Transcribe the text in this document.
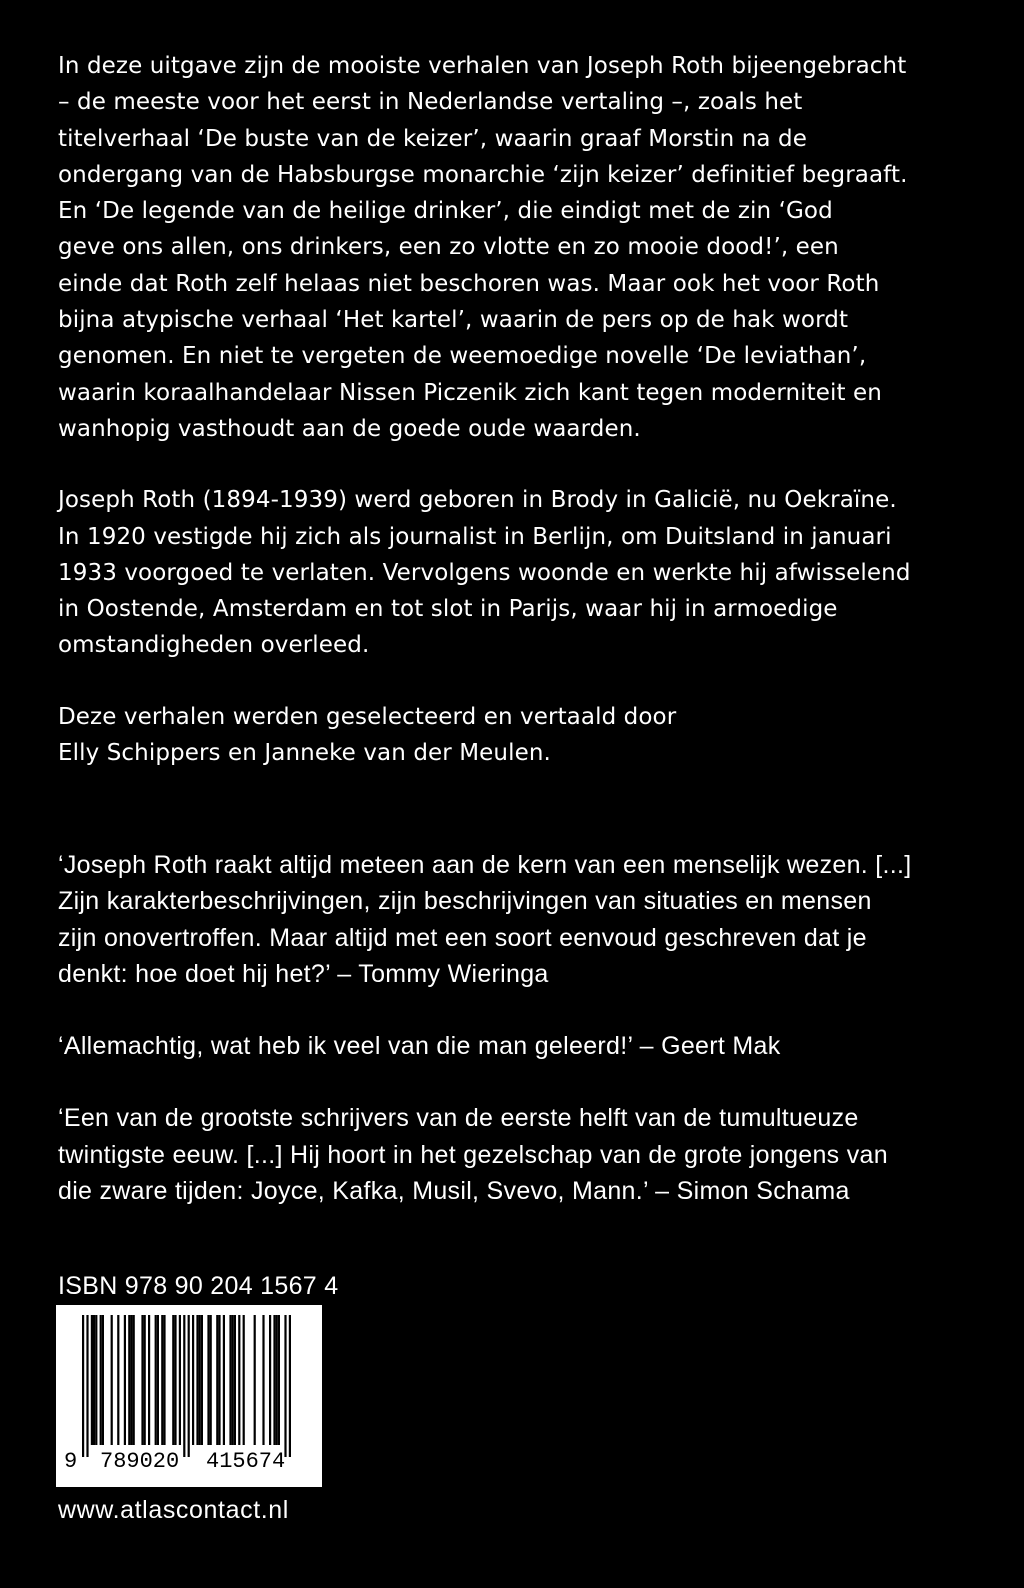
In deze uitgave zijn de mooiste verhalen van Joseph Roth bijeengebracht
– de meeste voor het eerst in Nederlandse vertaling –, zoals het
titelverhaal ‘De buste van de keizer’, waarin graaf Morstin na de
ondergang van de Habsburgse monarchie ‘zijn keizer’ definitief begraaft.
En ‘De legende van de heilige drinker’, die eindigt met de zin ‘God
geve ons allen, ons drinkers, een zo vlotte en zo mooie dood!’, een
einde dat Roth zelf helaas niet beschoren was. Maar ook het voor Roth
bijna atypische verhaal ‘Het kartel’, waarin de pers op de hak wordt
genomen. En niet te vergeten de weemoedige novelle ‘De leviathan’,
waarin koraalhandelaar Nissen Piczenik zich kant tegen moderniteit en
wanhopig vasthoudt aan de goede oude waarden.

Joseph Roth (1894-1939) werd geboren in Brody in Galicië, nu Oekraïne.
In 1920 vestigde hij zich als journalist in Berlijn, om Duitsland in januari
1933 voorgoed te verlaten. Vervolgens woonde en werkte hij afwisselend
in Oostende, Amsterdam en tot slot in Parijs, waar hij in armoedige
omstandigheden overleed.

Deze verhalen werden geselecteerd en vertaald door
Elly Schippers en Janneke van der Meulen.

‘Joseph Roth raakt altijd meteen aan de kern van een menselijk wezen. [...]
Zijn karakterbeschrijvingen, zijn beschrijvingen van situaties en mensen
zijn onovertroffen. Maar altijd met een soort eenvoud geschreven dat je
denkt: hoe doet hij het?’ – Tommy Wieringa

‘Allemachtig, wat heb ik veel van die man geleerd!’ – Geert Mak

‘Een van de grootste schrijvers van de eerste helft van de tumultueuze
twintigste eeuw. [...] Hij hoort in het gezelschap van de grote jongens van
die zware tijden: Joyce, Kafka, Musil, Svevo, Mann.’ – Simon Schama

ISBN 978 90 204 1567 4
9 789020 415674
www.atlascontact.nl
